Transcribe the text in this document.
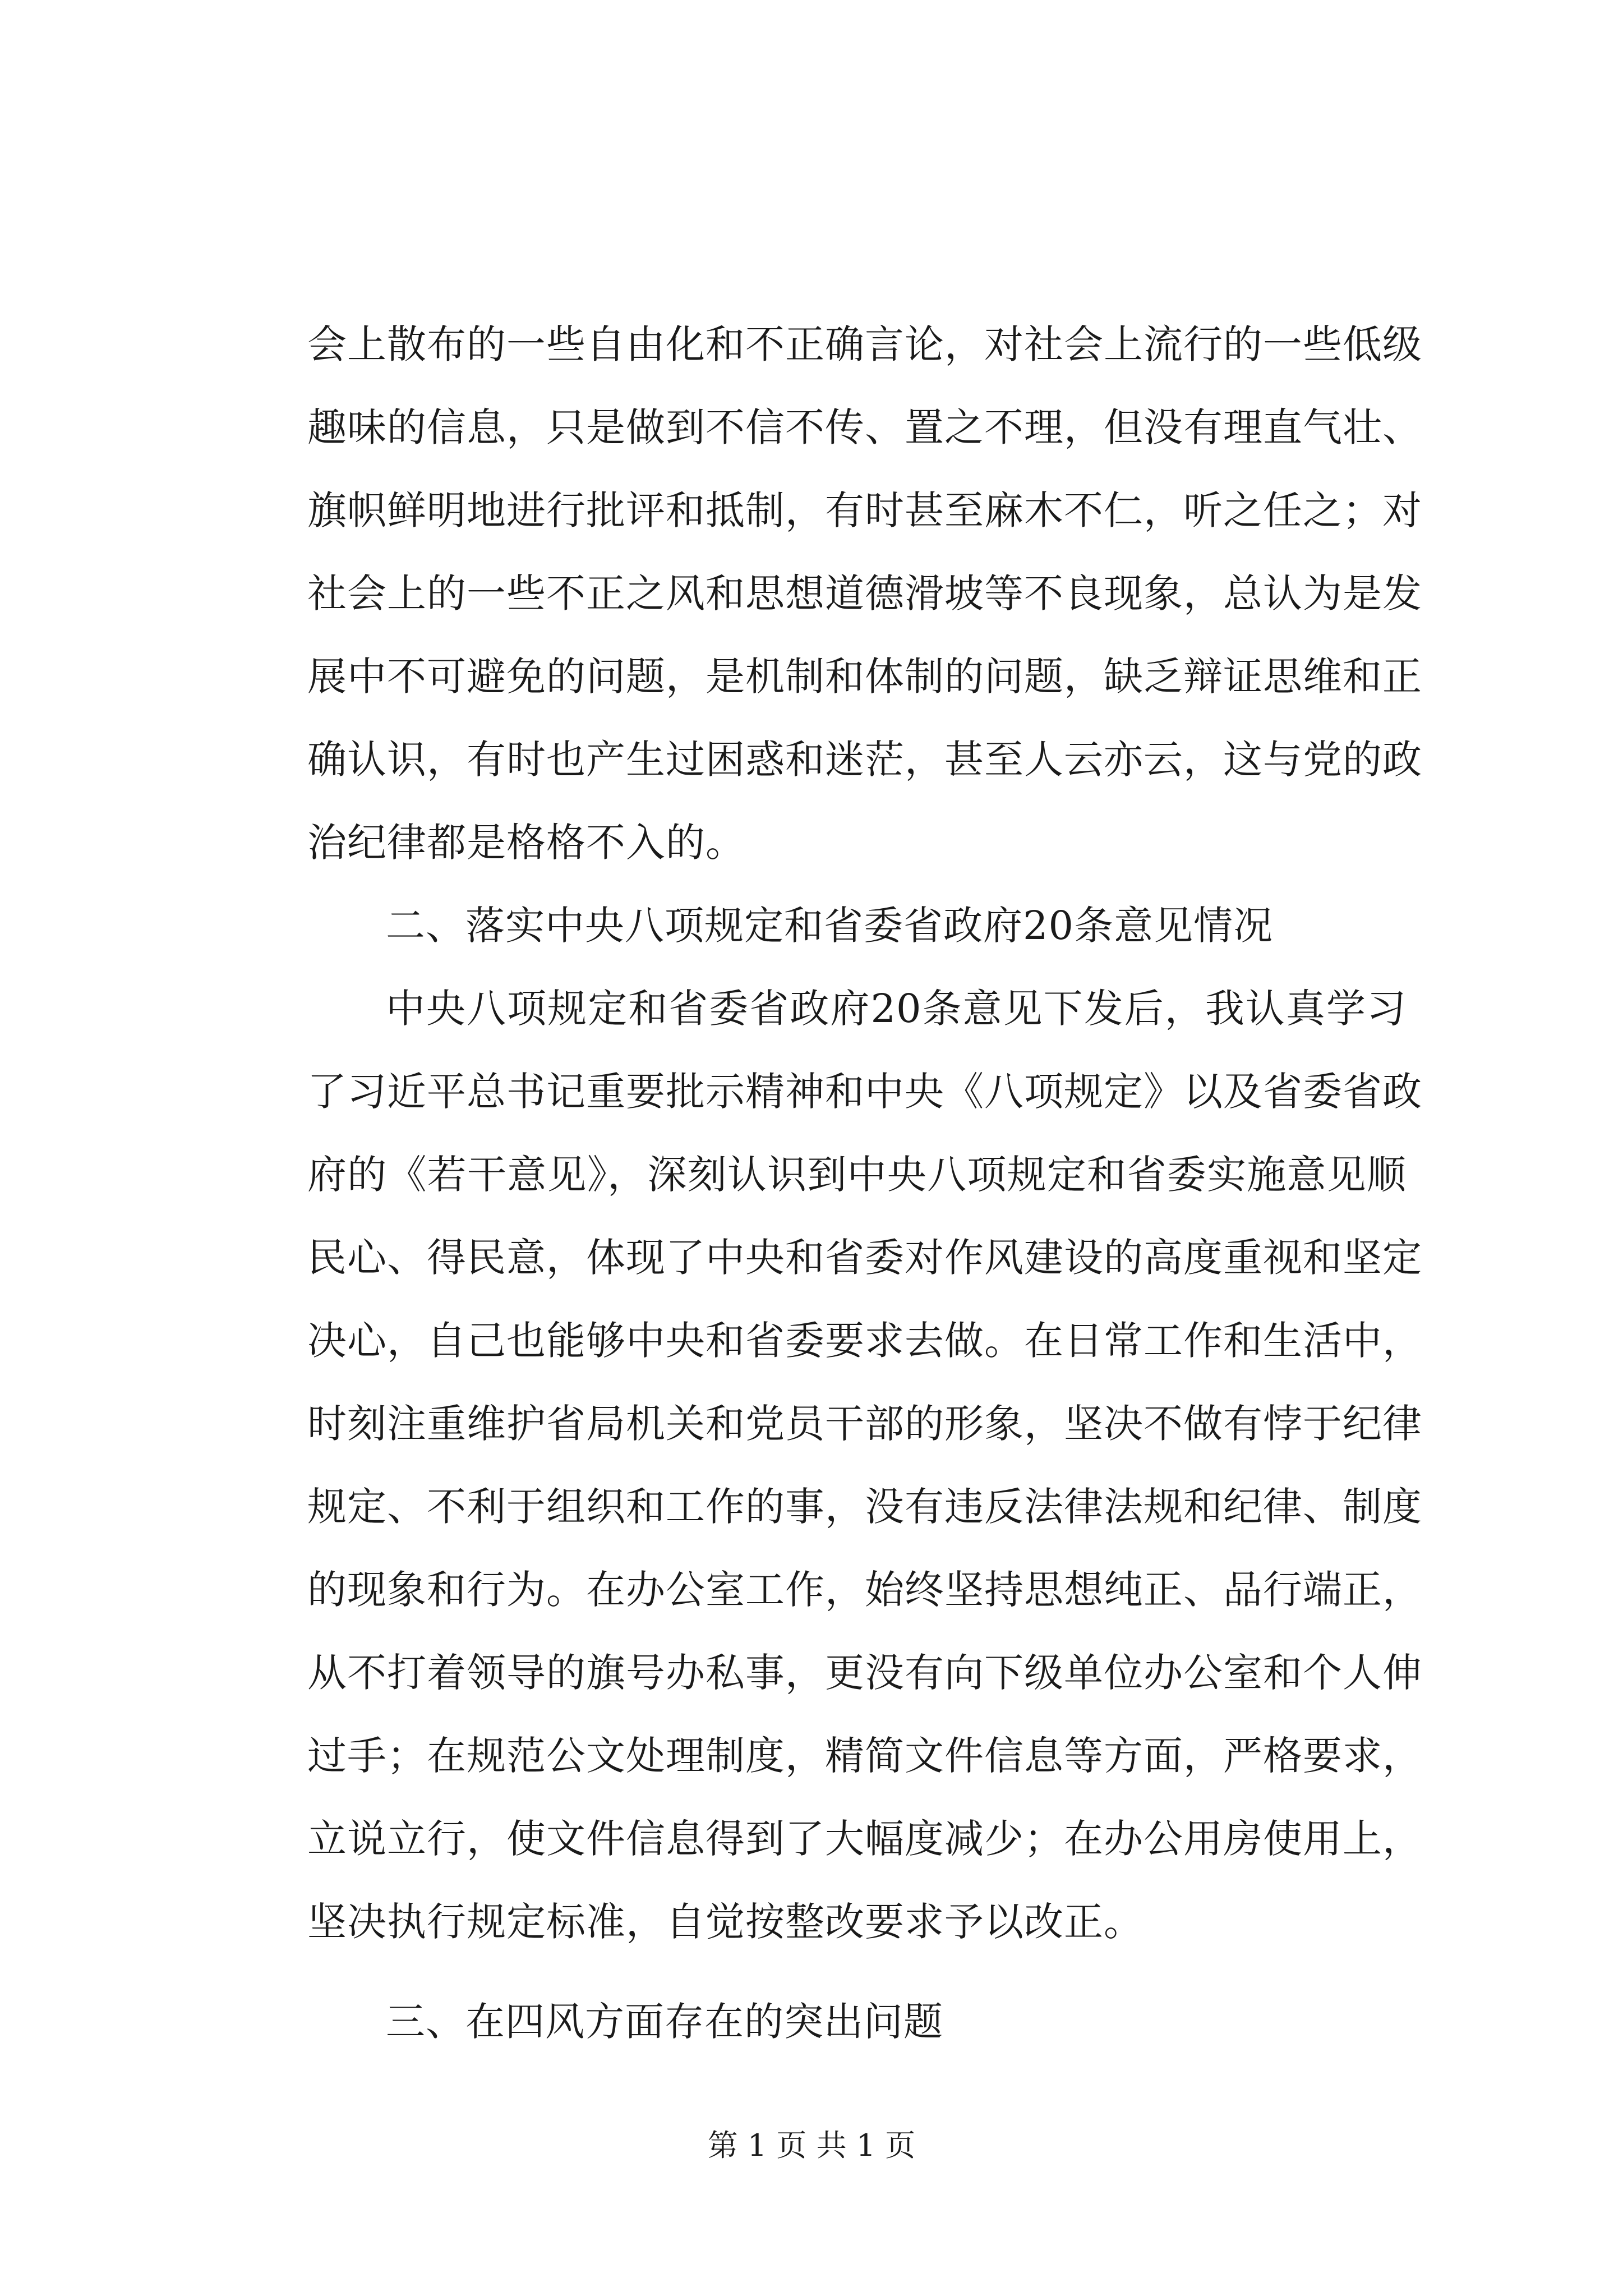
会上散布的一些自由化和不正确言论，对社会上流行的一些低级
趣味的信息，只是做到不信不传、置之不理，但没有理直气壮、
旗帜鲜明地进行批评和抵制，有时甚至麻木不仁，听之任之；对
社会上的一些不正之风和思想道德滑坡等不良现象，总认为是发
展中不可避免的问题，是机制和体制的问题，缺乏辩证思维和正
确认识，有时也产生过困惑和迷茫，甚至人云亦云，这与党的政
治纪律都是格格不入的。
二、落实中央八项规定和省委省政府20条意见情况
中央八项规定和省委省政府20条意见下发后，我认真学习
了习近平总书记重要批示精神和中央《八项规定》以及省委省政
府的《若干意见》，深刻认识到中央八项规定和省委实施意见顺
民心、得民意，体现了中央和省委对作风建设的高度重视和坚定
决心，自己也能够中央和省委要求去做。在日常工作和生活中，
时刻注重维护省局机关和党员干部的形象，坚决不做有悖于纪律
规定、不利于组织和工作的事，没有违反法律法规和纪律、制度
的现象和行为。在办公室工作，始终坚持思想纯正、品行端正，
从不打着领导的旗号办私事，更没有向下级单位办公室和个人伸
过手；在规范公文处理制度，精简文件信息等方面，严格要求，
立说立行，使文件信息得到了大幅度减少；在办公用房使用上，
坚决执行规定标准，自觉按整改要求予以改正。
三、在四风方面存在的突出问题
第 1 页 共 1 页
